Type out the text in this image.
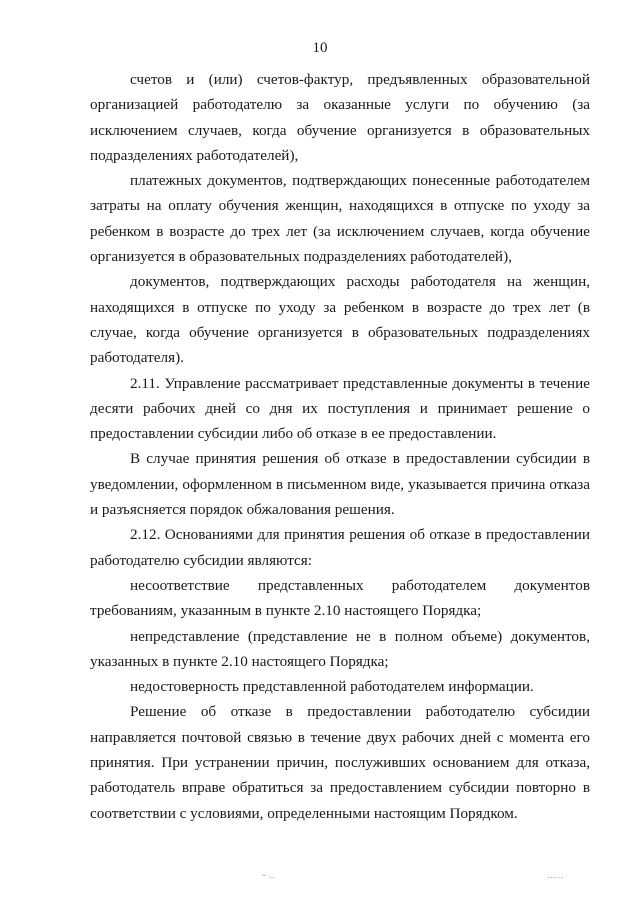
10

счетов и (или) счетов-фактур, предъявленных образовательной организацией работодателю за оказанные услуги по обучению (за исключением случаев, когда обучение организуется в образовательных подразделениях работодателей),

платежных документов, подтверждающих понесенные работодателем затраты на оплату обучения женщин, находящихся в отпуске по уходу за ребенком в возрасте до трех лет (за исключением случаев, когда обучение организуется в образовательных подразделениях работодателей),

документов, подтверждающих расходы работодателя на женщин, находящихся в отпуске по уходу за ребенком в возрасте до трех лет (в случае, когда обучение организуется в образовательных подразделениях работодателя).

2.11. Управление рассматривает представленные документы в течение десяти рабочих дней со дня их поступления и принимает решение о предоставлении субсидии либо об отказе в ее предоставлении.

В случае принятия решения об отказе в предоставлении субсидии в уведомлении, оформленном в письменном виде, указывается причина отказа и разъясняется порядок обжалования решения.

2.12. Основаниями для принятия решения об отказе в предоставлении работодателю субсидии являются:

несоответствие представленных работодателем документов требованиям, указанным в пункте 2.10 настоящего Порядка;

непредставление (представление не в полном объеме) документов, указанных в пункте 2.10 настоящего Порядка;

недостоверность представленной работодателем информации.

Решение об отказе в предоставлении работодателю субсидии направляется почтовой связью в течение двух рабочих дней с момента его принятия. При устранении причин, послуживших основанием для отказа, работодатель вправе обратиться за предоставлением субсидии повторно в соответствии с условиями, определенными настоящим Порядком.

~ ..	......
